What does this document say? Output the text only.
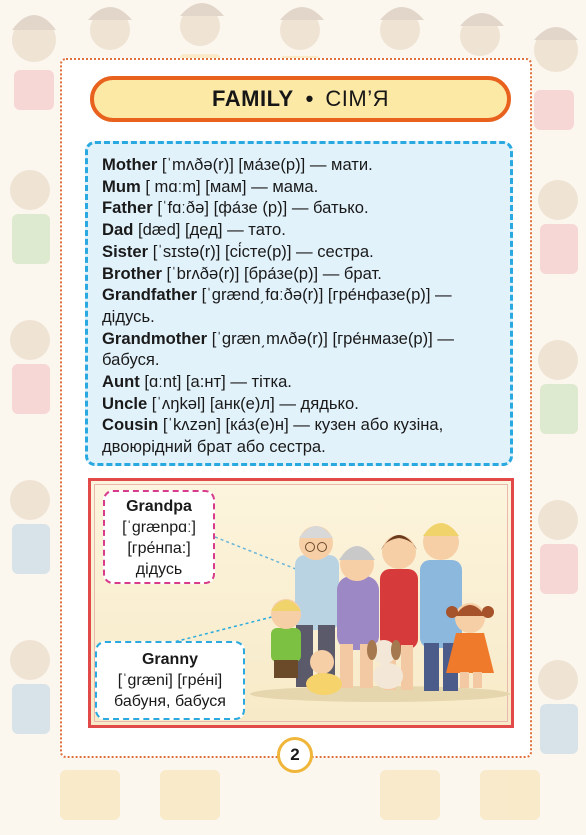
FAMILY • СІМ’Я

Mother [ˈmʌðə(r)] [ма́зе(р)] — мати.

Mum [ mɑːm] [мам] — мама.

Father [ˈfɑːðə] [фа́зе (р)] — батько.

Dad [dæd] [дед] — тато.

Sister [ˈsɪstə(r)] [сі́сте(р)] — сестра.

Brother [ˈbrʌðə(r)] [бра́зе(р)] — брат.

Grandfather [ˈɡrænd͵fɑːðə(r)] [гре́нфазе(р)] — дідусь.

Grandmother [ˈɡræn͵mʌðə(r)] [гре́нмазе(р)] — бабуся.

Aunt [ɑːnt] [а:нт] — тітка.

Uncle [ˈʌŋkəl] [анк(е)л] — дядько.

Cousin [ˈkʌzən] [ка́з(е)н] — кузен або кузіна, двоюрідний брат або сестра.

Grandpa
[ˈɡrænpɑː]
[гре́нпа:]
дідусь
Granny
[ˈɡræni] [гре́ні]
бабуня, бабуся
2
